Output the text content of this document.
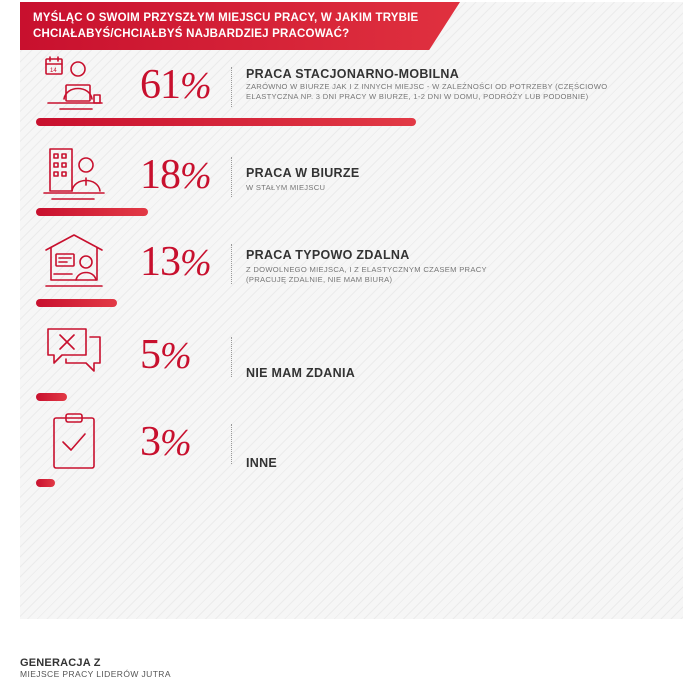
MYŚLĄC O SWOIM PRZYSZŁYM MIEJSCU PRACY, W JAKIM TRYBIE CHCIAŁABYŚ/CHCIAŁBYŚ NAJBARDZIEJ PRACOWAĆ?
14 61%	PRACA STACJONARNO-MOBILNA
ZARÓWNO W BIURZE JAK I Z INNYCH MIEJSC - W ZALEŻNOŚCI OD POTRZEBY (CZĘŚCIOWO
ELASTYCZNA NP. 3 DNI PRACY W BIURZE, 1-2 DNI W DOMU, PODRÓŻY LUB PODOBNIE)
18%	PRACA W BIURZE
W STAŁYM MIEJSCU
13%	PRACA TYPOWO ZDALNA
Z DOWOLNEGO MIEJSCA, I Z ELASTYCZNYM CZASEM PRACY
(PRACUJĘ ZDALNIE, NIE MAM BIURA)
5%	NIE MAM ZDANIA
3%	INNE
GENERACJA Z
MIEJSCE PRACY LIDERÓW JUTRA
